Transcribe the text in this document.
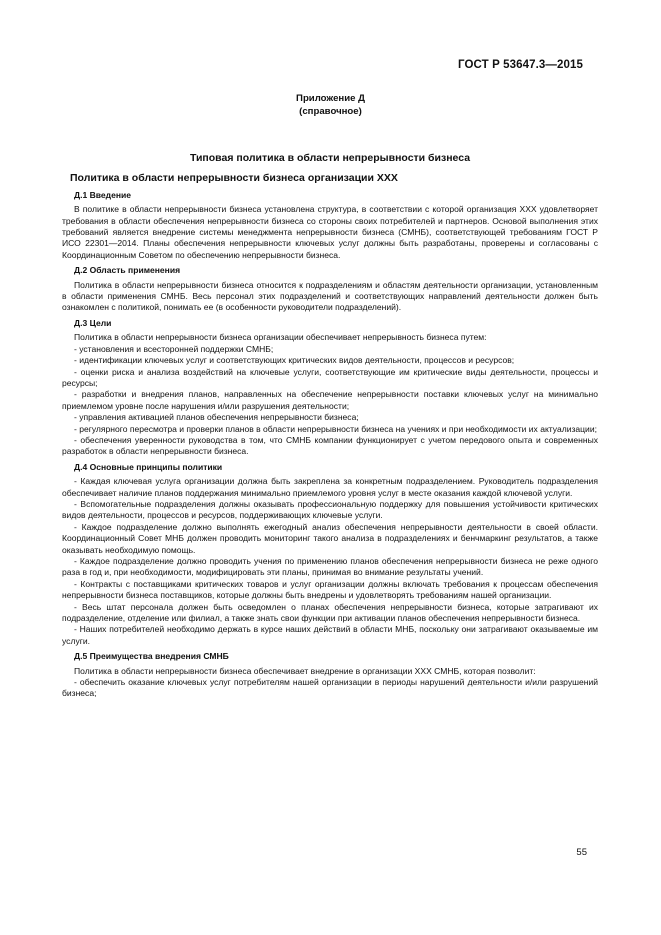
ГОСТ Р 53647.3—2015
Приложение Д
(справочное)
Типовая политика в области непрерывности бизнеса
Политика в области непрерывности бизнеса организации XXX
Д.1 Введение

В политике в области непрерывности бизнеса установлена структура, в соответствии с которой организация XXX удовлетворяет требования в области обеспечения непрерывности бизнеса со стороны своих потребителей и партнеров. Основой выполнения этих требований является внедрение системы менеджмента непрерывности бизнеса (СМНБ), соответствующей требованиям ГОСТ Р ИСО 22301—2014. Планы обеспечения непрерывности ключевых услуг должны быть разработаны, проверены и согласованы с Координационным Советом по обеспечению непрерывности бизнеса.

Д.2 Область применения

Политика в области непрерывности бизнеса относится к подразделениям и областям деятельности организации, установленным в области применения СМНБ. Весь персонал этих подразделений и соответствующих направлений деятельности должен быть ознакомлен с политикой, понимать ее (в особенности руководители подразделений).

Д.3 Цели

Политика в области непрерывности бизнеса организации обеспечивает непрерывность бизнеса путем:

- установления и всесторонней поддержки СМНБ;

- идентификации ключевых услуг и соответствующих критических видов деятельности, процессов и ресурсов;

- оценки риска и анализа воздействий на ключевые услуги, соответствующие им критические виды деятельности, процессы и ресурсы;

- разработки и внедрения планов, направленных на обеспечение непрерывности поставки ключевых услуг на минимально приемлемом уровне после нарушения и/или разрушения деятельности;

- управления активацией планов обеспечения непрерывности бизнеса;

- регулярного пересмотра и проверки планов в области непрерывности бизнеса на учениях и при необходимости их актуализации;

- обеспечения уверенности руководства в том, что СМНБ компании функционирует с учетом передового опыта и современных разработок в области непрерывности бизнеса.

Д.4 Основные принципы политики

- Каждая ключевая услуга организации должна быть закреплена за конкретным подразделением. Руководитель подразделения обеспечивает наличие планов поддержания минимально приемлемого уровня услуг в месте оказания каждой ключевой услуги.

- Вспомогательные подразделения должны оказывать профессиональную поддержку для повышения устойчивости критических видов деятельности, процессов и ресурсов, поддерживающих ключевые услуги.

- Каждое подразделение должно выполнять ежегодный анализ обеспечения непрерывности деятельности в своей области. Координационный Совет МНБ должен проводить мониторинг такого анализа в подразделениях и бенчмаркинг результатов, а также оказывать необходимую помощь.

- Каждое подразделение должно проводить учения по применению планов обеспечения непрерывности бизнеса не реже одного раза в год и, при необходимости, модифицировать эти планы, принимая во внимание результаты учений.

- Контракты с поставщиками критических товаров и услуг организации должны включать требования к процессам обеспечения непрерывности бизнеса поставщиков, которые должны быть внедрены и удовлетворять требованиям нашей организации.

- Весь штат персонала должен быть осведомлен о планах обеспечения непрерывности бизнеса, которые затрагивают их подразделение, отделение или филиал, а также знать свои функции при активации планов обеспечения непрерывности бизнеса.

- Наших потребителей необходимо держать в курсе наших действий в области МНБ, поскольку они затрагивают оказываемые им услуги.

Д.5 Преимущества внедрения СМНБ

Политика в области непрерывности бизнеса обеспечивает внедрение в организации XXX СМНБ, которая позволит:

- обеспечить оказание ключевых услуг потребителям нашей организации в периоды нарушений деятельности и/или разрушений бизнеса;

55
